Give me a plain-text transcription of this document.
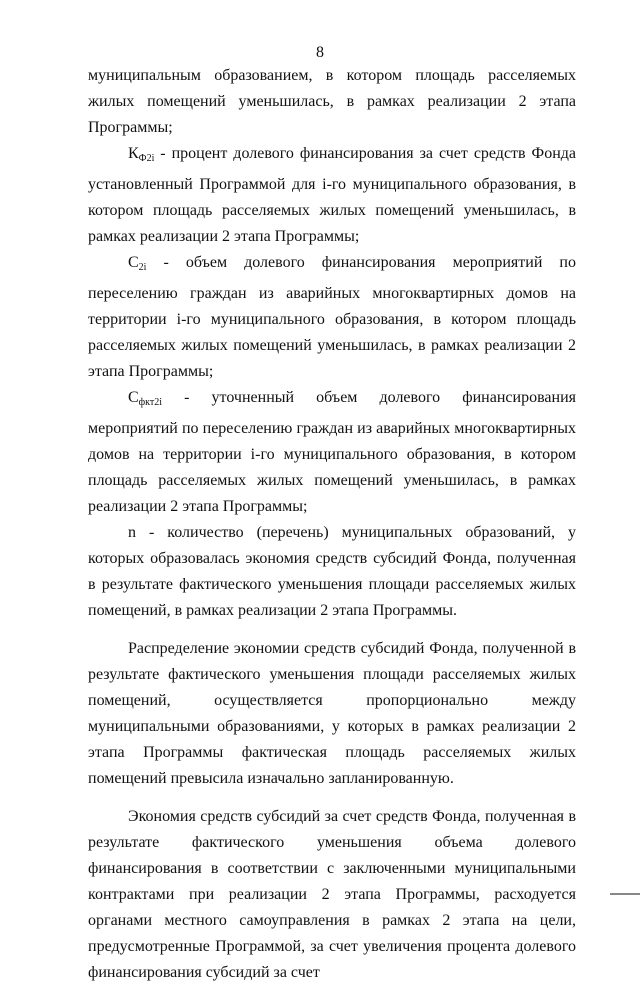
8

муниципальным образованием, в котором площадь расселяемых жилых помещений уменьшилась, в рамках реализации 2 этапа Программы;

$К_{Ф2i}$ - процент долевого финансирования за счет средств Фонда установленный Программой для i-го муниципального образования, в котором площадь расселяемых жилых помещений уменьшилась, в рамках реализации 2 этапа Программы;

$С_{2i}$ - объем долевого финансирования мероприятий по переселению граждан из аварийных многоквартирных домов на территории i-го муниципального образования, в котором площадь расселяемых жилых помещений уменьшилась, в рамках реализации 2 этапа Программы;

$С_{фкт2i}$ - уточненный объем долевого финансирования мероприятий по переселению граждан из аварийных многоквартирных домов на территории i-го муниципального образования, в котором площадь расселяемых жилых помещений уменьшилась, в рамках реализации 2 этапа Программы;

n - количество (перечень) муниципальных образований, у которых образовалась экономия средств субсидий Фонда, полученная в результате фактического уменьшения площади расселяемых жилых помещений, в рамках реализации 2 этапа Программы.

Распределение экономии средств субсидий Фонда, полученной в результате фактического уменьшения площади расселяемых жилых помещений, осуществляется пропорционально между муниципальными образованиями, у которых в рамках реализации 2 этапа Программы фактическая площадь расселяемых жилых помещений превысила изначально запланированную.

Экономия средств субсидий за счет средств Фонда, полученная в результате фактического уменьшения объема долевого финансирования в соответствии с заключенными муниципальными контрактами при реализации 2 этапа Программы, расходуется органами местного самоуправления в рамках 2 этапа на цели, предусмотренные Программой, за счет увеличения процента долевого финансирования субсидий за счет
